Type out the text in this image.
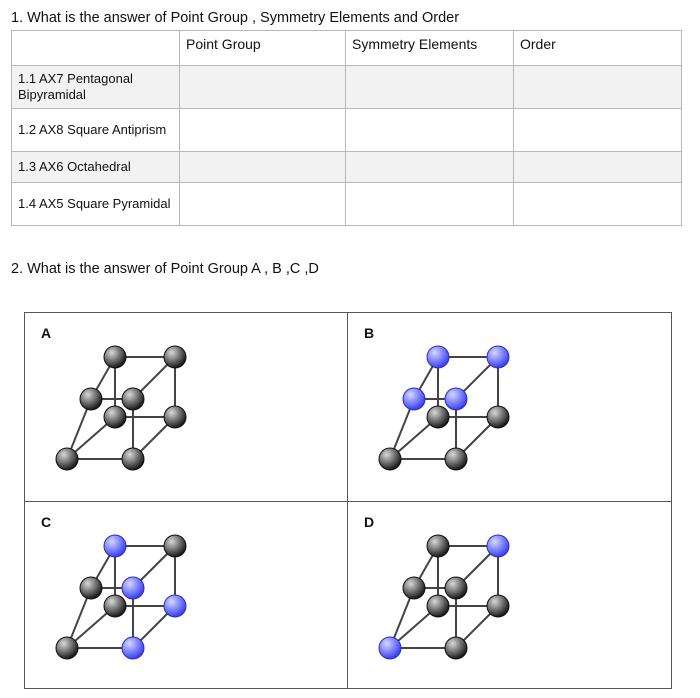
1. What is the answer of Point Group , Symmetry Elements and Order
	Point Group	Symmetry Elements	Order
1.1 AX7 Pentagonal Bipyramidal			
1.2 AX8 Square Antiprism			
1.3 AX6 Octahedral			
1.4 AX5 Square Pyramidal			
2. What is the answer of Point Group A , B ,C ,D
A	B
C	D
